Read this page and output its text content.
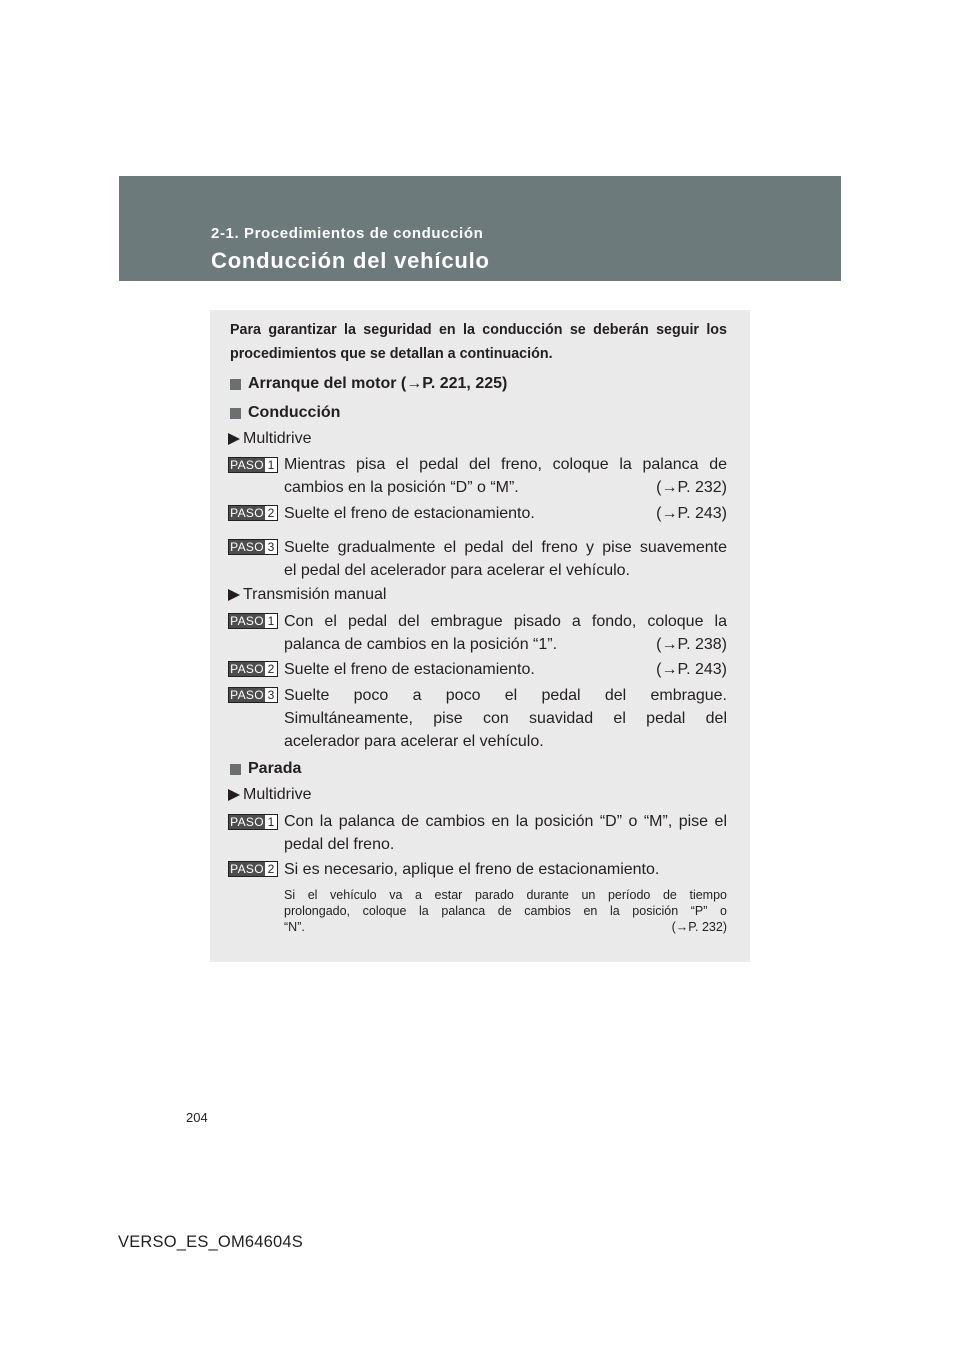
2-1. Procedimientos de conducción
Conducción del vehículo
Para garantizar la seguridad en la conducción se deberán seguir los procedimientos que se detallan a continuación.
Arranque del motor (→P. 221, 225)
Conducción
Multidrive
PASO 1 Mientras pisa el pedal del freno, coloque la palanca de
cambios en la posición “D” o “M”.	(→P. 232)
PASO 2 Suelte el freno de estacionamiento.	(→P. 243)
PASO 3 Suelte gradualmente el pedal del freno y pise suavemente
el pedal del acelerador para acelerar el vehículo.
Transmisión manual
PASO 1 Con el pedal del embrague pisado a fondo, coloque la
palanca de cambios en la posición “1”.	(→P. 238)
PASO 2 Suelte el freno de estacionamiento.	(→P. 243)
PASO 3 Suelte poco a poco el pedal del embrague.
Simultáneamente, pise con suavidad el pedal del
acelerador para acelerar el vehículo.
Parada
Multidrive
PASO 1 Con la palanca de cambios en la posición “D” o “M”, pise el
pedal del freno.
PASO 2 Si es necesario, aplique el freno de estacionamiento.
Si el vehículo va a estar parado durante un período de tiempo
prolongado, coloque la palanca de cambios en la posición “P” o
“N”.	(→P. 232)
204
VERSO_ES_OM64604S
